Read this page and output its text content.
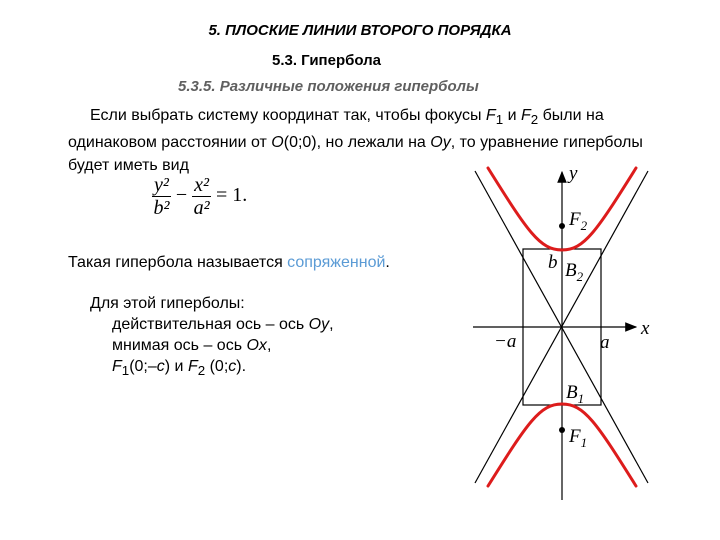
5. ПЛОСКИЕ ЛИНИИ ВТОРОГО ПОРЯДКА
5.3. Гипербола
5.3.5. Различные положения гиперболы
Если выбрать систему координат так, чтобы фокусы $F_1$ и $F_2$ были на одинаковом расстоянии от O(0;0), но лежали на Oy, то уравнение гиперболы будет иметь вид
$\frac{\text{y²}}{\text{b²}} - \frac{\text{x²}}{\text{a²}} = 1$.
Такая гипербола называется сопряженной.
Для этой гиперболы:
действительная ось – ось Oy,
мнимая ось – ось Ox,
$F_1(0;-c)$ и $F_2$ (0;c).
y
x
$F_2$
b $B_2$
−a	a
$B_1$
$F_1$
